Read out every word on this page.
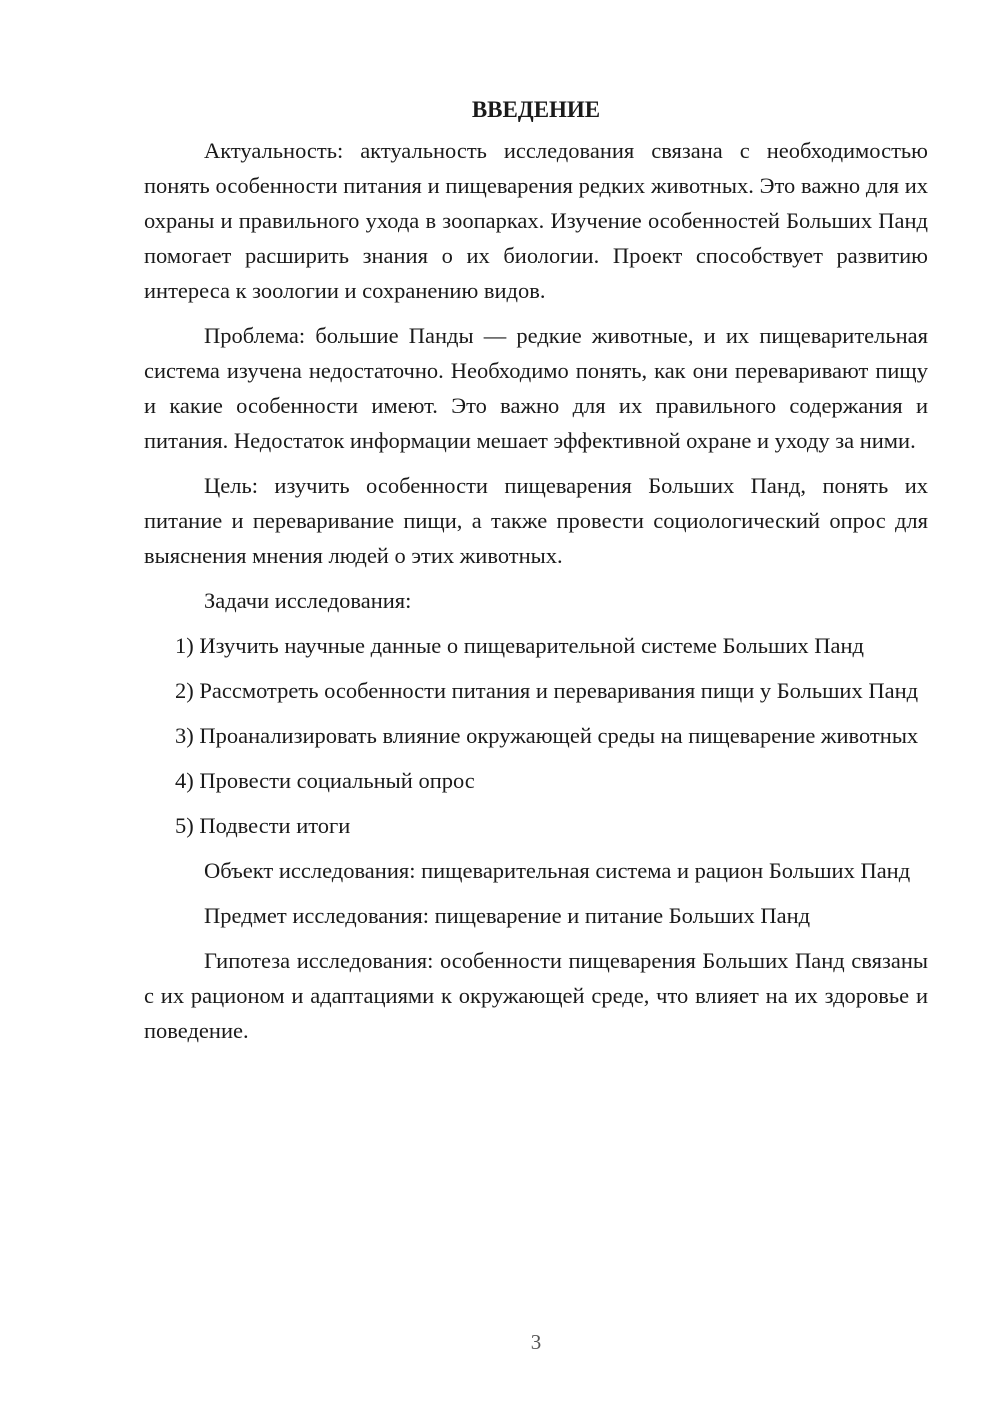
ВВЕДЕНИЕ

Актуальность: актуальность исследования связана с необходимостью понять особенности питания и пищеварения редких животных. Это важно для их охраны и правильного ухода в зоопарках. Изучение особенностей Больших Панд помогает расширить знания о их биологии. Проект способствует развитию интереса к зоологии и сохранению видов.

Проблема: большие Панды — редкие животные, и их пищеварительная система изучена недостаточно. Необходимо понять, как они переваривают пищу и какие особенности имеют. Это важно для их правильного содержания и питания. Недостаток информации мешает эффективной охране и уходу за ними.

Цель: изучить особенности пищеварения Больших Панд, понять их питание и переваривание пищи, а также провести социологический опрос для выяснения мнения людей о этих животных.

Задачи исследования:

1) Изучить научные данные о пищеварительной системе Больших Панд

2) Рассмотреть особенности питания и переваривания пищи у Больших Панд

3) Проанализировать влияние окружающей среды на пищеварение животных

4) Провести социальный опрос

5) Подвести итоги

Объект исследования: пищеварительная система и рацион Больших Панд

Предмет исследования: пищеварение и питание Больших Панд

Гипотеза исследования: особенности пищеварения Больших Панд связаны с их рационом и адаптациями к окружающей среде, что влияет на их здоровье и поведение.

3
